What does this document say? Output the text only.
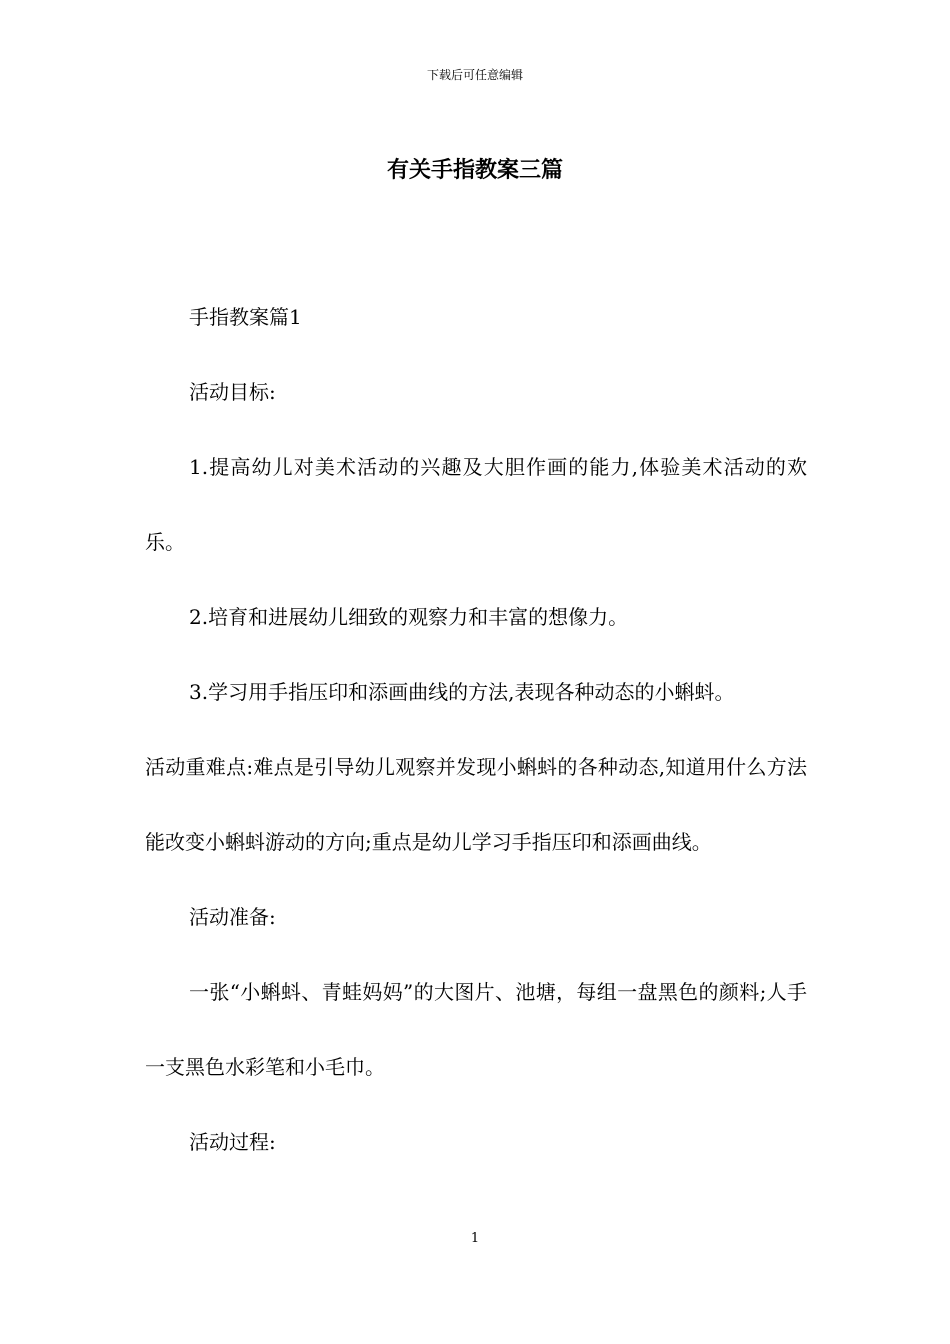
下载后可任意编辑
有关手指教案三篇

手指教案篇1

活动目标:

1.提高幼儿对美术活动的兴趣及大胆作画的能力,体验美术活动的欢乐。

2.培育和进展幼儿细致的观察力和丰富的想像力。

3.学习用手指压印和添画曲线的方法,表现各种动态的小蝌蚪。

活动重难点:难点是引导幼儿观察并发现小蝌蚪的各种动态,知道用什么方法能改变小蝌蚪游动的方向;重点是幼儿学习手指压印和添画曲线。

活动准备:

一张“小蝌蚪、青蛙妈妈”的大图片、池塘，每组一盘黑色的颜料;人手一支黑色水彩笔和小毛巾。

活动过程:

1
